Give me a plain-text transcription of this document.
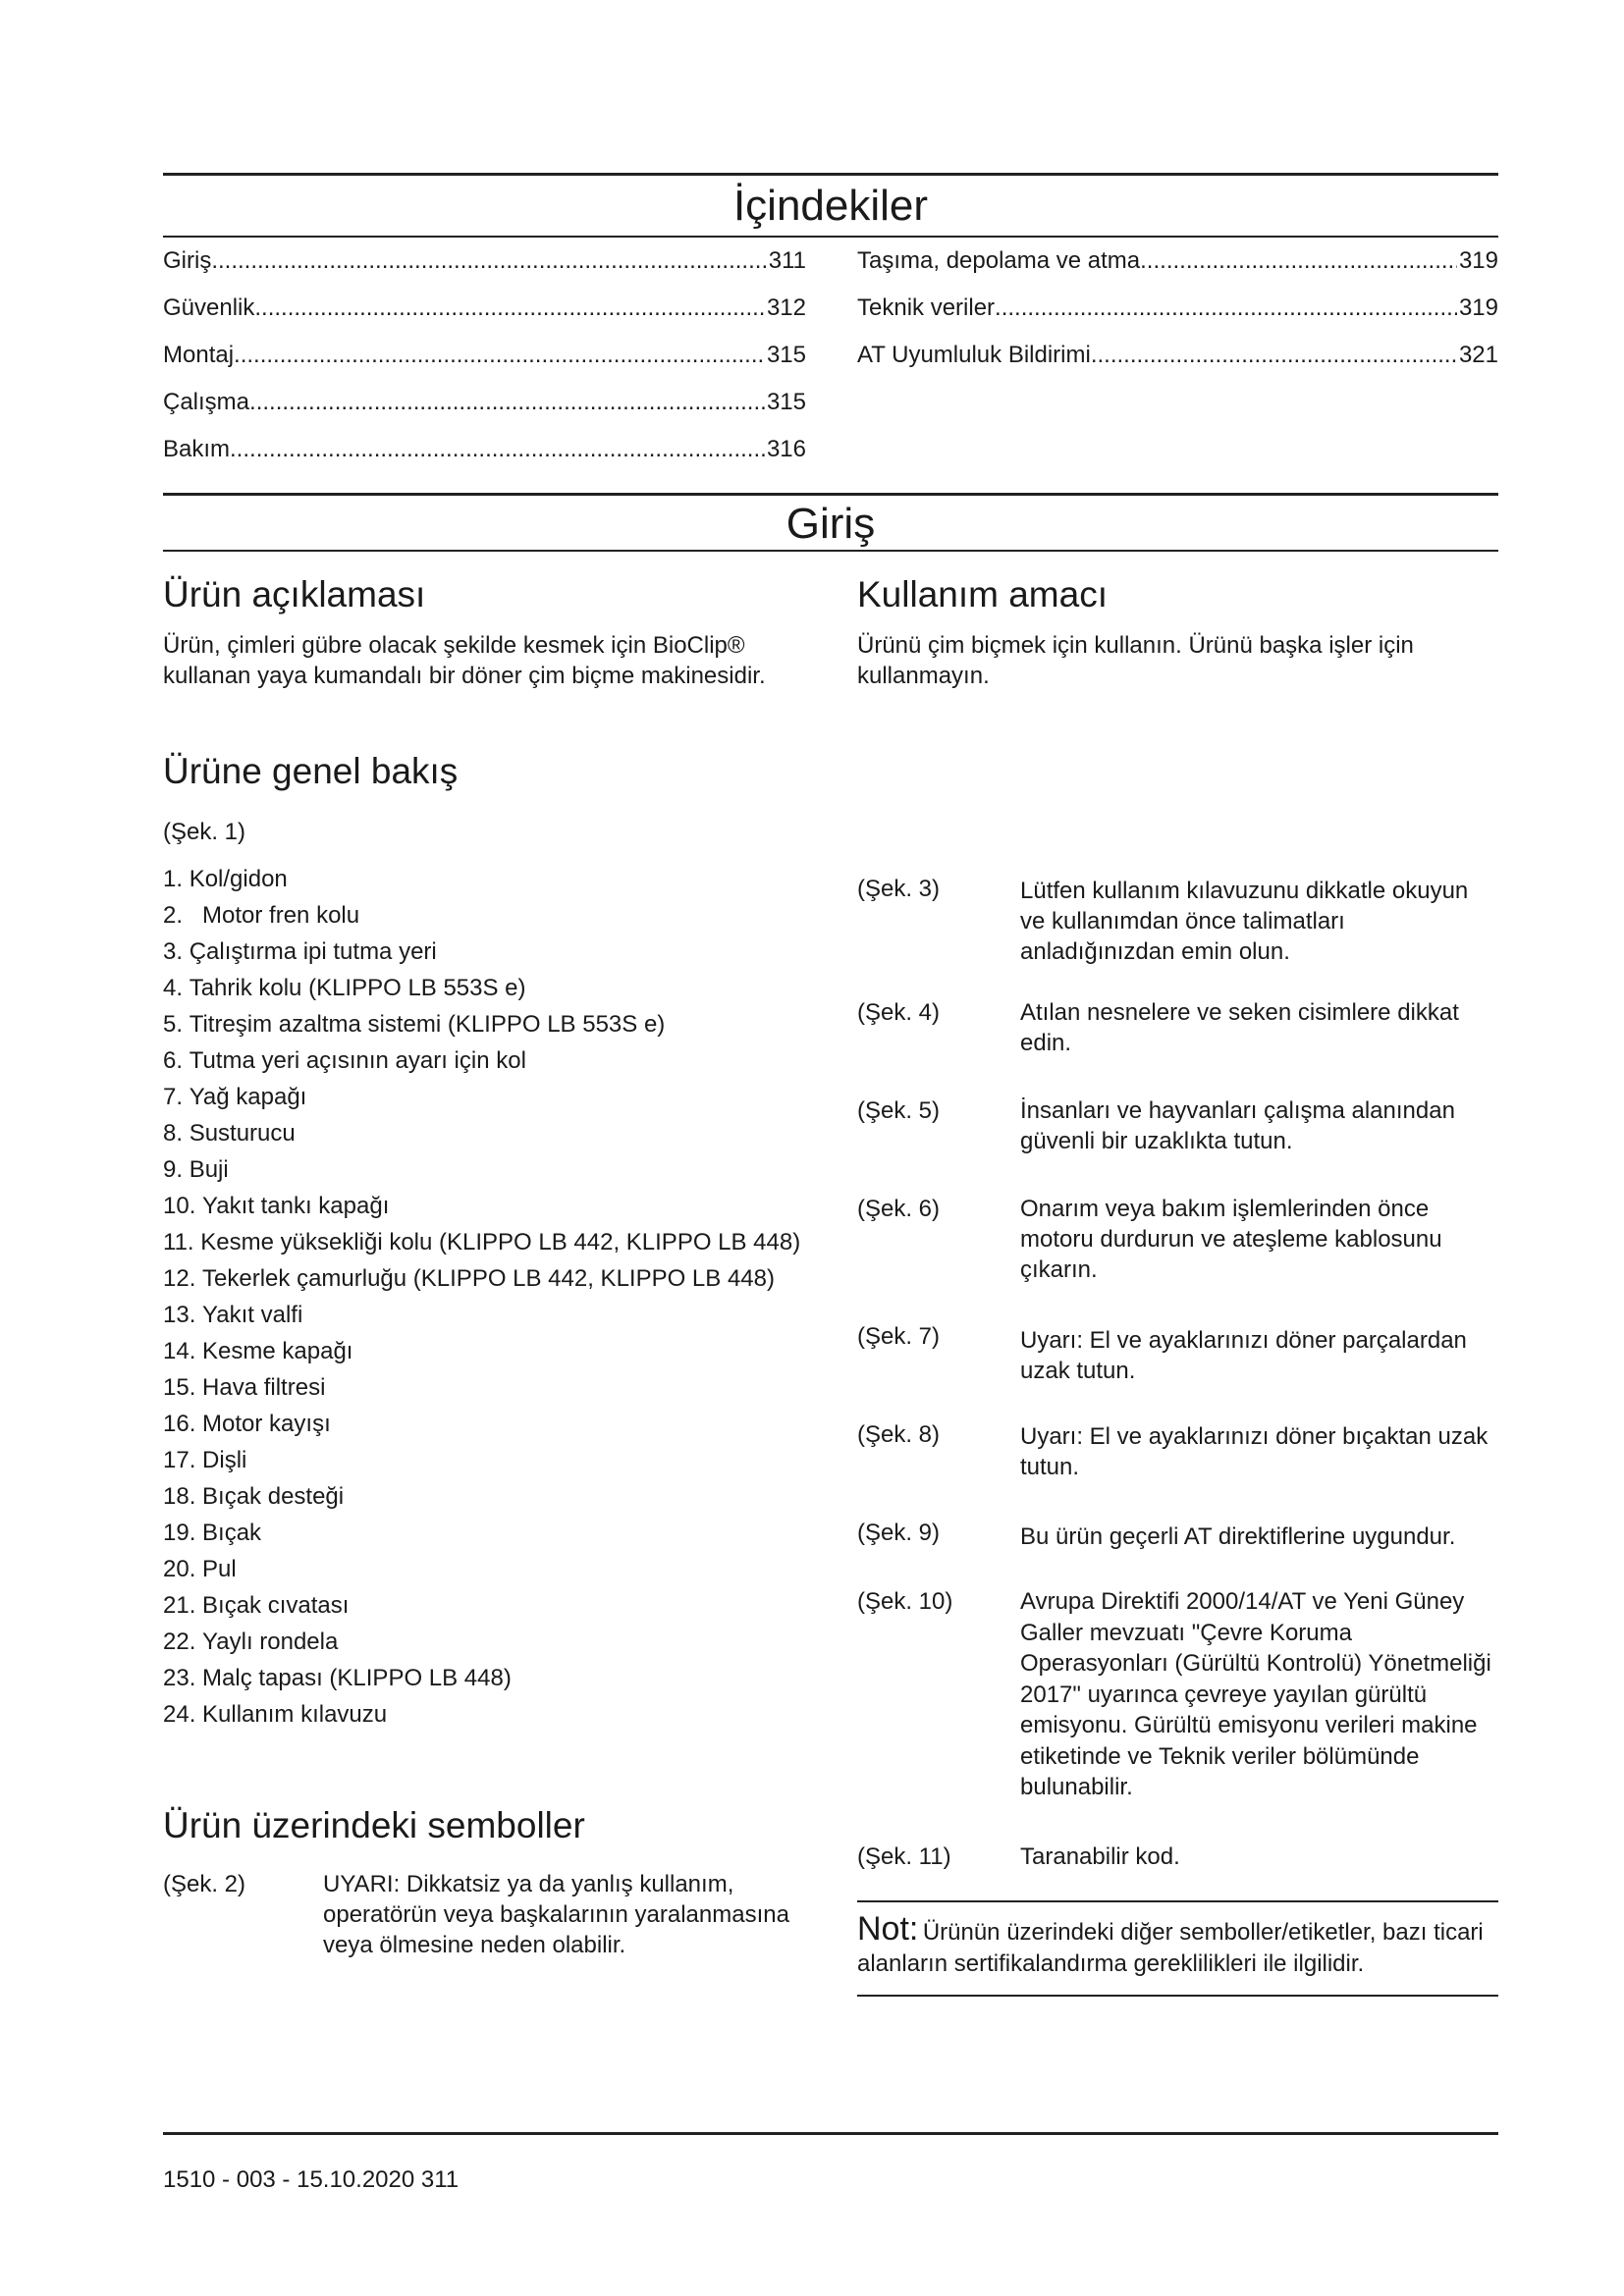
İçindekiler
Giriş .....	311
Güvenlik .....	312
Montaj .....	315
Çalışma .....	315
Bakım .....	316
Taşıma, depolama ve atma .....	319
Teknik veriler .....	319
AT Uyumluluk Bildirimi .....	321
Giriş
Ürün açıklaması

Ürün, çimleri gübre olacak şekilde kesmek için BioClip® kullanan yaya kumandalı bir döner çim biçme makinesidir.

Kullanım amacı

Ürünü çim biçmek için kullanın. Ürünü başka işler için kullanmayın.

Ürüne genel bakış

(Şek. 1)

1. Kol/gidon
2. Motor fren kolu
3. Çalıştırma ipi tutma yeri
4. Tahrik kolu (KLIPPO LB 553S e)
5. Titreşim azaltma sistemi (KLIPPO LB 553S e)
6. Tutma yeri açısının ayarı için kol
7. Yağ kapağı
8. Susturucu
9. Buji
10. Yakıt tankı kapağı
11. Kesme yüksekliği kolu (KLIPPO LB 442, KLIPPO LB 448)
12. Tekerlek çamurluğu (KLIPPO LB 442, KLIPPO LB 448)
13. Yakıt valfi
14. Kesme kapağı
15. Hava filtresi
16. Motor kayışı
17. Dişli
18. Bıçak desteği
19. Bıçak
20. Pul
21. Bıçak cıvatası
22. Yaylı rondela
23. Malç tapası (KLIPPO LB 448)
24. Kullanım kılavuzu
Ürün üzerindeki semboller
(Şek. 2)	UYARI: Dikkatsiz ya da yanlış kullanım, operatörün veya başkalarının yaralanmasına veya ölmesine neden olabilir.
(Şek. 3)	Lütfen kullanım kılavuzunu dikkatle okuyun ve kullanımdan önce talimatları anladığınızdan emin olun.
(Şek. 4)	Atılan nesnelere ve seken cisimlere dikkat edin.
(Şek. 5)	İnsanları ve hayvanları çalışma alanından güvenli bir uzaklıkta tutun.
(Şek. 6)	Onarım veya bakım işlemlerinden önce motoru durdurun ve ateşleme kablosunu çıkarın.
(Şek. 7)	Uyarı: El ve ayaklarınızı döner parçalardan uzak tutun.
(Şek. 8)	Uyarı: El ve ayaklarınızı döner bıçaktan uzak tutun.
(Şek. 9)	Bu ürün geçerli AT direktiflerine uygundur.
(Şek. 10)	Avrupa Direktifi 2000/14/AT ve Yeni Güney Galler mevzuatı "Çevre Koruma Operasyonları (Gürültü Kontrolü) Yönetmeliği 2017" uyarınca çevreye yayılan gürültü emisyonu. Gürültü emisyonu verileri makine etiketinde ve Teknik veriler bölümünde bulunabilir.
(Şek. 11)	Taranabilir kod.
Not: Ürünün üzerindeki diğer semboller/etiketler, bazı ticari alanların sertifikalandırma gereklilikleri ile ilgilidir.
1510 - 003 - 15.10.2020 311
